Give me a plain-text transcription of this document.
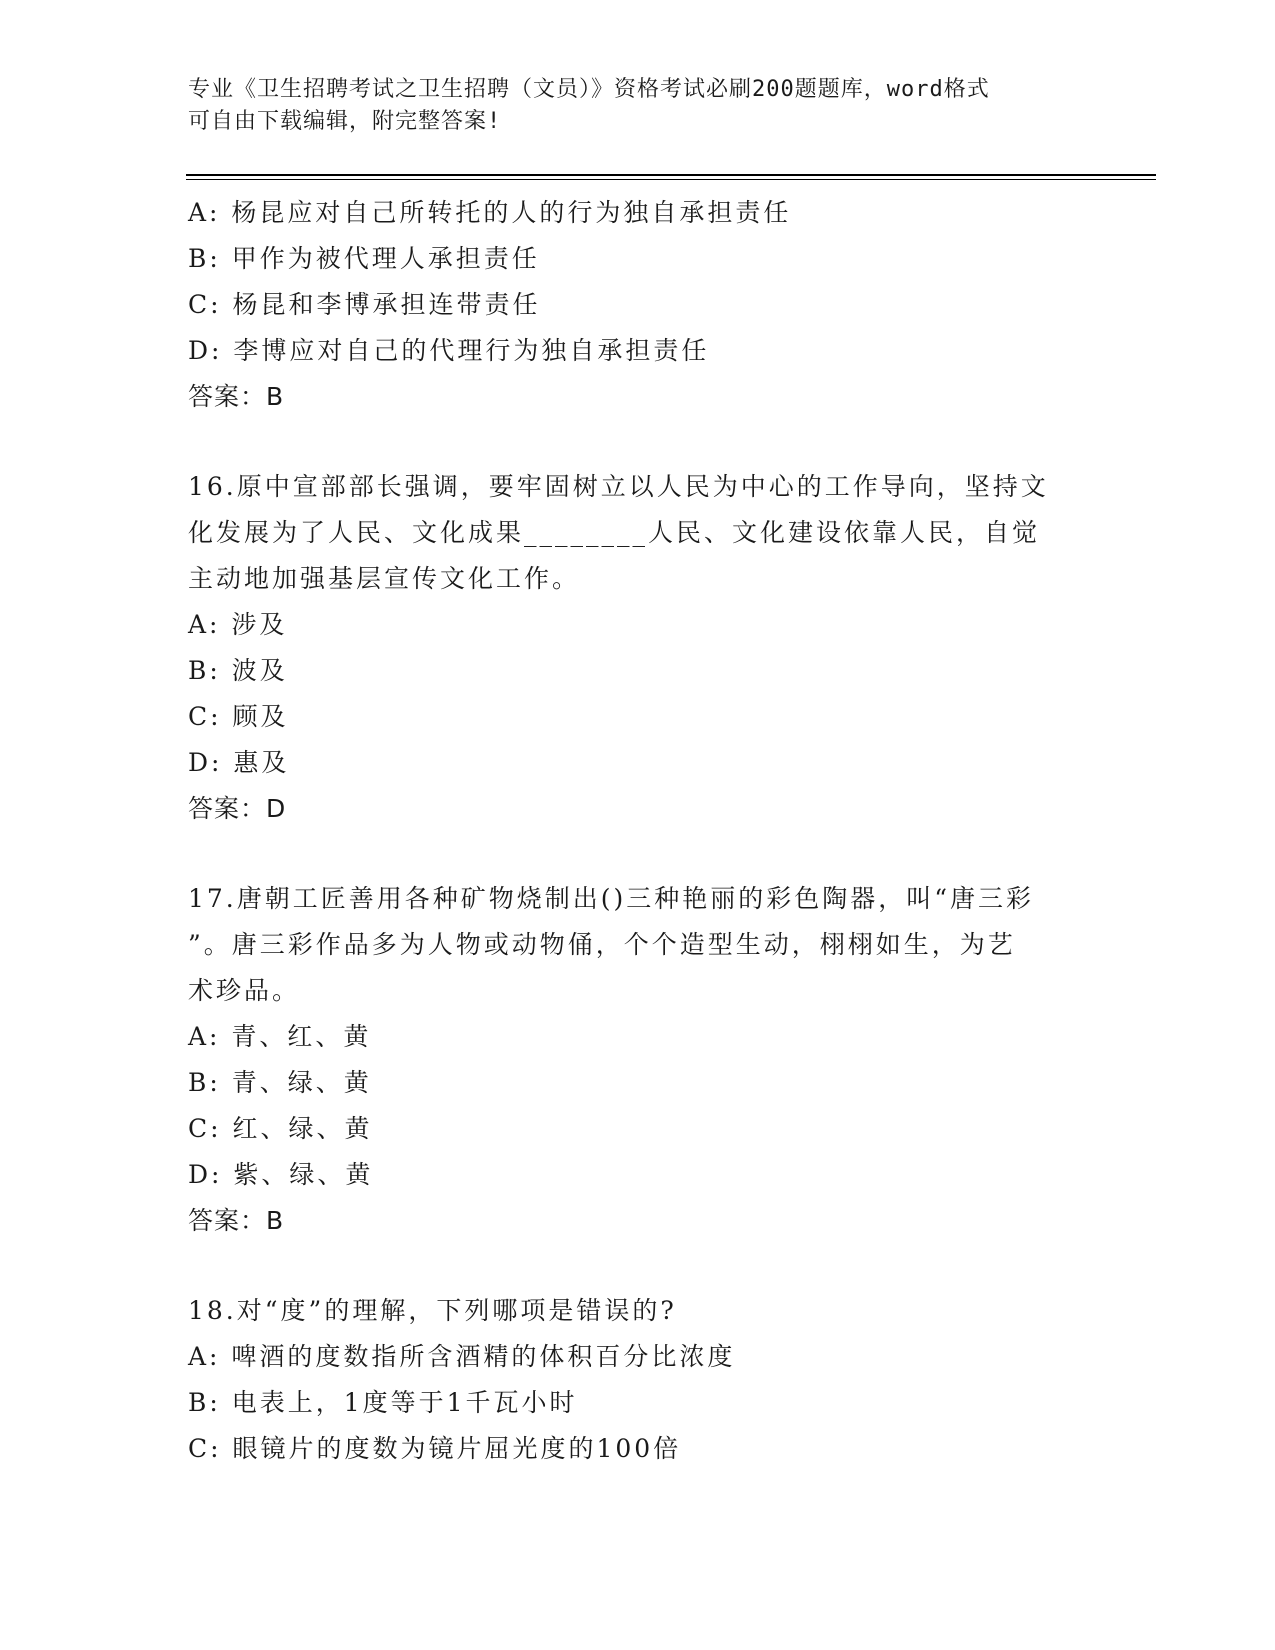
专业《卫生招聘考试之卫生招聘（文员）》资格考试必刷200题题库，word格式
可自由下载编辑，附完整答案!
A: 杨昆应对自己所转托的人的行为独自承担责任
B: 甲作为被代理人承担责任
C: 杨昆和李博承担连带责任
D: 李博应对自己的代理行为独自承担责任
答案：B
16.原中宣部部长强调，要牢固树立以人民为中心的工作导向，坚持文
化发展为了人民、文化成果________人民、文化建设依靠人民，自觉
主动地加强基层宣传文化工作。
A: 涉及
B: 波及
C: 顾及
D: 惠及
答案：D
17.唐朝工匠善用各种矿物烧制出()三种艳丽的彩色陶器，叫“唐三彩
”。唐三彩作品多为人物或动物俑，个个造型生动，栩栩如生，为艺
术珍品。
A: 青、红、黄
B: 青、绿、黄
C: 红、绿、黄
D: 紫、绿、黄
答案：B
18.对“度”的理解，下列哪项是错误的?
A: 啤酒的度数指所含酒精的体积百分比浓度
B: 电表上，1度等于1千瓦小时
C: 眼镜片的度数为镜片屈光度的100倍
